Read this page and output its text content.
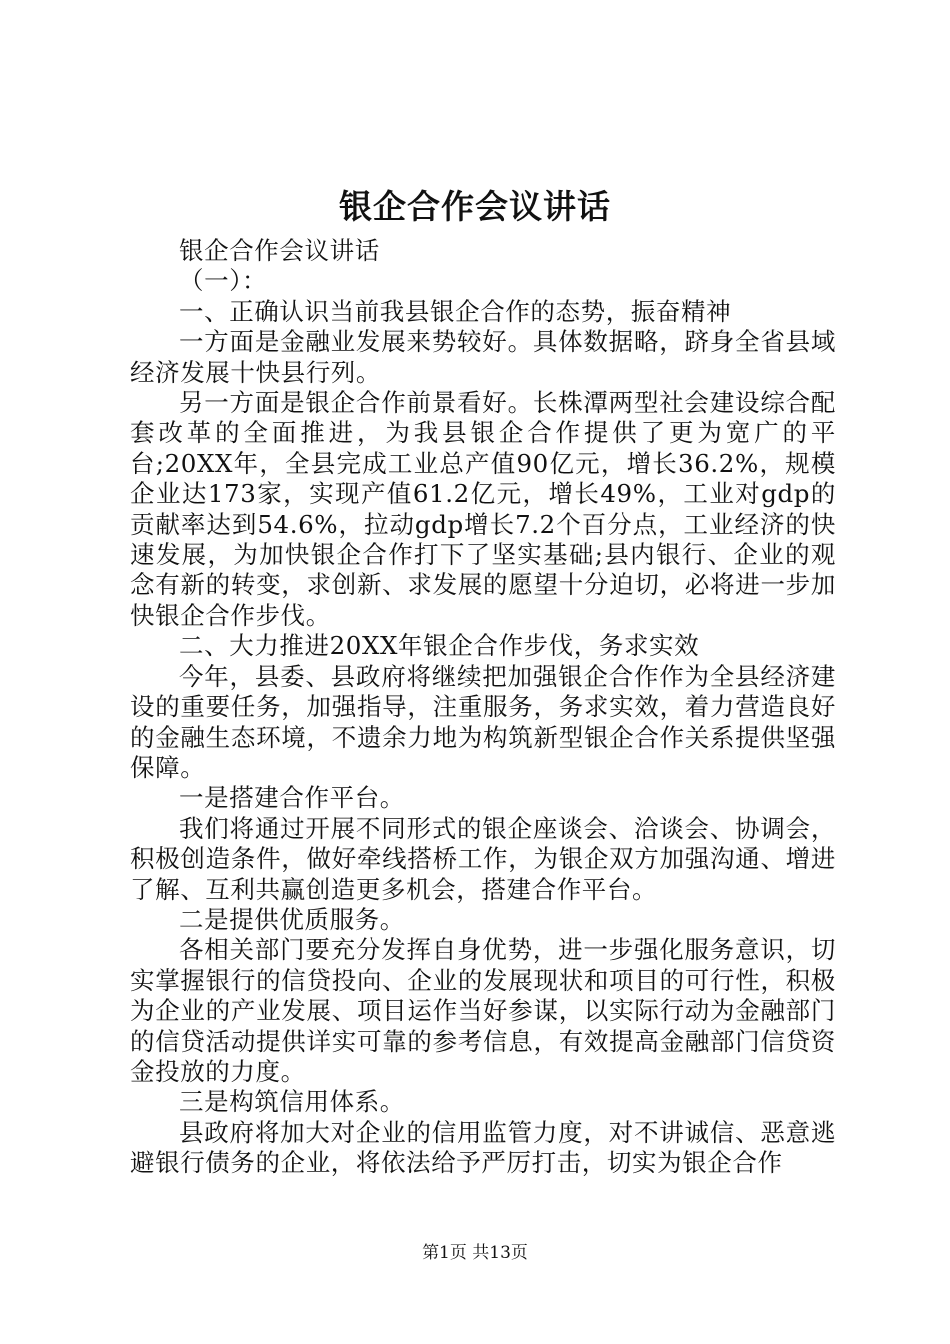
银企合作会议讲话

银企合作会议讲话

（一）：

一、正确认识当前我县银企合作的态势，振奋精神

一方面是金融业发展来势较好。具体数据略，跻身全省县域经济发展十快县行列。

另一方面是银企合作前景看好。长株潭两型社会建设综合配套改革的全面推进，为我县银企合作提供了更为宽广的平台;20XX年，全县完成工业总产值90亿元，增长36.2%，规模企业达173家，实现产值61.2亿元，增长49%，工业对gdp的贡献率达到54.6%，拉动gdp增长7.2个百分点，工业经济的快速发展，为加快银企合作打下了坚实基础;县内银行、企业的观念有新的转变，求创新、求发展的愿望十分迫切，必将进一步加快银企合作步伐。

二、大力推进20XX年银企合作步伐，务求实效

今年，县委、县政府将继续把加强银企合作作为全县经济建设的重要任务，加强指导，注重服务，务求实效，着力营造良好的金融生态环境，不遗余力地为构筑新型银企合作关系提供坚强保障。

一是搭建合作平台。

我们将通过开展不同形式的银企座谈会、洽谈会、协调会，积极创造条件，做好牵线搭桥工作，为银企双方加强沟通、增进了解、互利共赢创造更多机会，搭建合作平台。

二是提供优质服务。

各相关部门要充分发挥自身优势，进一步强化服务意识，切实掌握银行的信贷投向、企业的发展现状和项目的可行性，积极为企业的产业发展、项目运作当好参谋，以实际行动为金融部门的信贷活动提供详实可靠的参考信息，有效提高金融部门信贷资金投放的力度。

三是构筑信用体系。

县政府将加大对企业的信用监管力度，对不讲诚信、恶意逃避银行债务的企业，将依法给予严厉打击，切实为银企合作

第1页 共13页
